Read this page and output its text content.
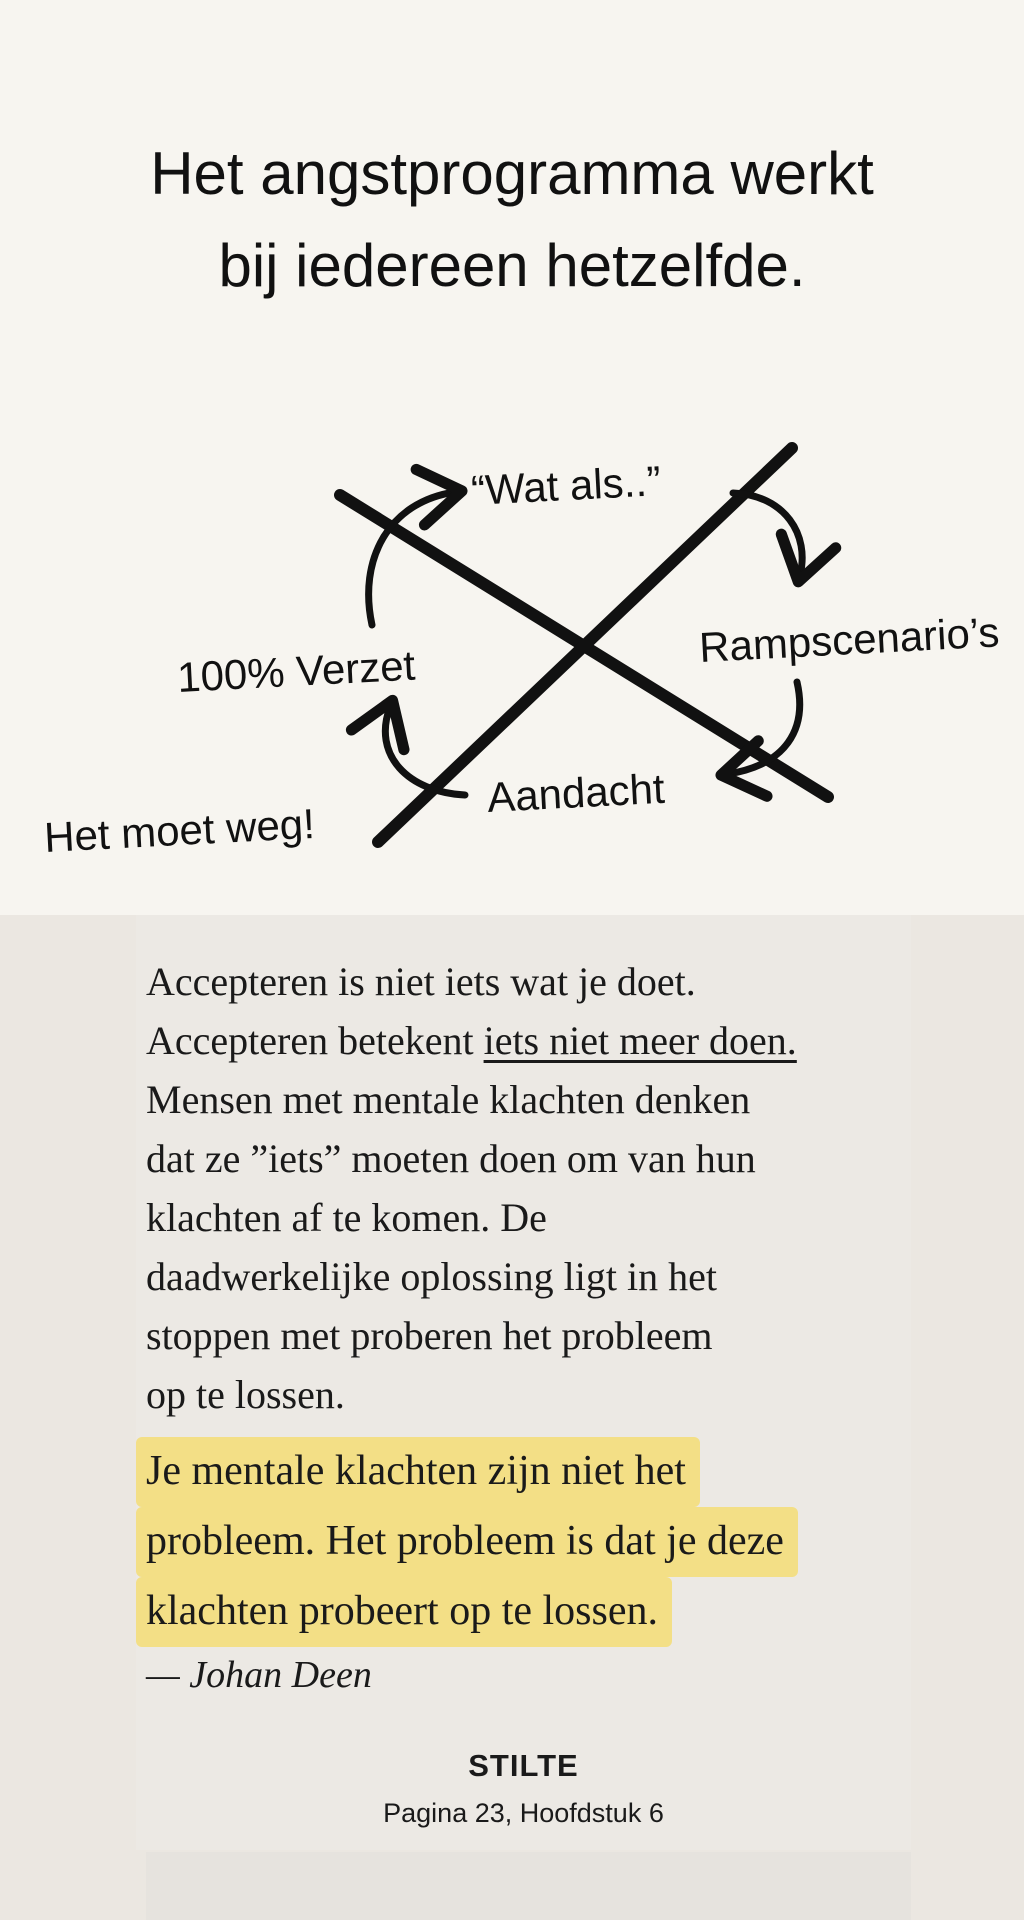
Het angstprogramma werkt
bij iedereen hetzelfde.
“Wat als..”
Rampscenario’s
100% Verzet
Aandacht
Het moet weg!

Accepteren is niet iets wat je doet.
Accepteren betekent iets niet meer doen.
Mensen met mentale klachten denken
dat ze ”iets” moeten doen om van hun
klachten af te komen. De
daadwerkelijke oplossing ligt in het
stoppen met proberen het probleem
op te lossen.

Je mentale klachten zijn niet het
probleem. Het probleem is dat je deze
klachten probeert op te lossen.

— Johan Deen

STILTE
Pagina 23, Hoofdstuk 6
